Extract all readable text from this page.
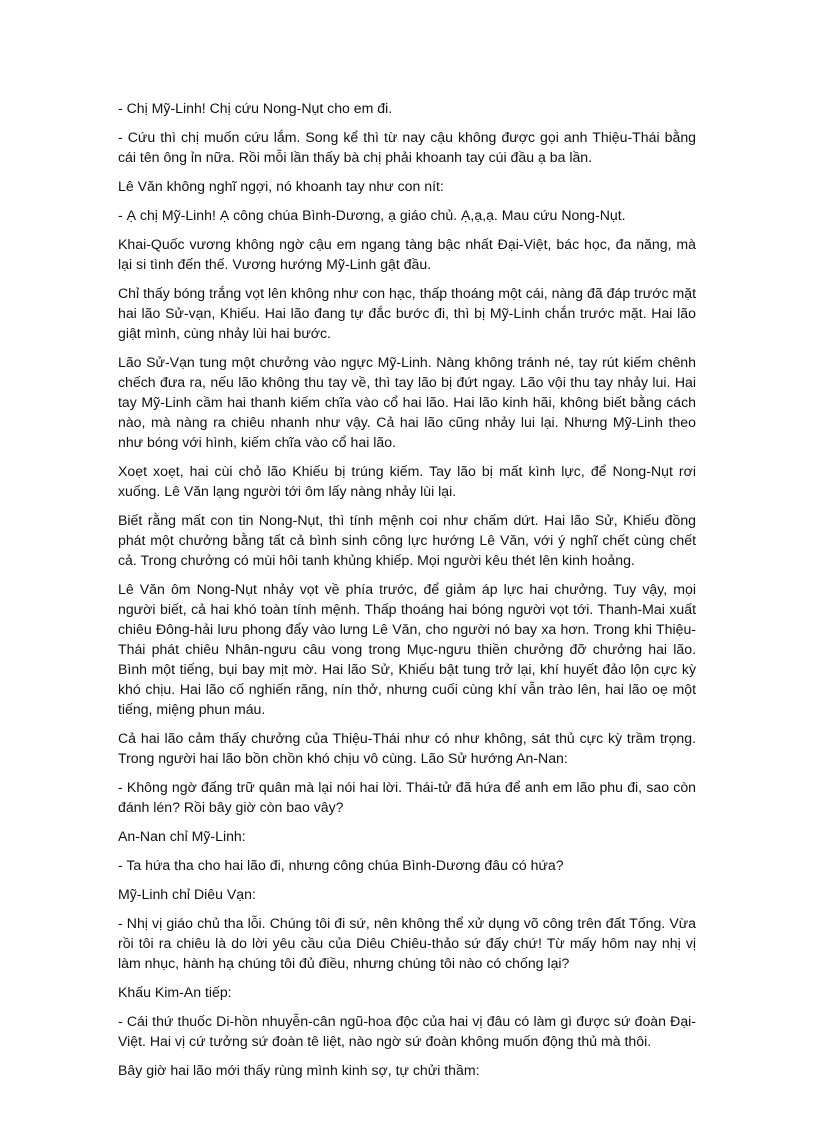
- Chị Mỹ-Linh! Chị cứu Nong-Nụt cho em đi.

- Cứu thì chị muốn cứu lắm. Song kể thì từ nay cậu không được gọi anh Thiệu-Thái bằng cái tên ông ỉn nữa. Rồi mỗi lần thấy bà chị phải khoanh tay cúi đầu ạ ba lần.

Lê Văn không nghĩ ngợi, nó khoanh tay như con nít:

- Ạ chị Mỹ-Linh! Ạ công chúa Bình-Dương, ạ giáo chủ. Ạ,ạ,ạ. Mau cứu Nong-Nụt.

Khai-Quốc vương không ngờ cậu em ngang tàng bậc nhất Đại-Việt, bác học, đa năng, mà lại si tình đến thế. Vương hướng Mỹ-Linh gật đầu.

Chỉ thấy bóng trắng vọt lên không như con hạc, thấp thoáng một cái, nàng đã đáp trước mặt hai lão Sử-vạn, Khiếu. Hai lão đang tự đắc bước đi, thì bị Mỹ-Linh chắn trước mặt. Hai lão giật mình, cùng nhảy lùi hai bước.

Lão Sử-Vạn tung một chưởng vào ngực Mỹ-Linh. Nàng không tránh né, tay rút kiếm chênh chếch đưa ra, nếu lão không thu tay về, thì tay lão bị đứt ngay. Lão vội thu tay nhảy lui. Hai tay Mỹ-Linh cầm hai thanh kiếm chĩa vào cổ hai lão. Hai lão kinh hãi, không biết bằng cách nào, mà nàng ra chiêu nhanh như vậy. Cả hai lão cũng nhảy lui lại. Nhưng Mỹ-Linh theo như bóng với hình, kiếm chĩa vào cổ hai lão.

Xoẹt xoẹt, hai cùi chỏ lão Khiếu bị trúng kiếm. Tay lão bị mất kình lực, để Nong-Nụt rơi xuống. Lê Văn lạng người tới ôm lấy nàng nhảy lùi lại.

Biết rằng mất con tin Nong-Nụt, thì tính mệnh coi như chấm dứt. Hai lão Sử, Khiếu đồng phát một chưởng bằng tất cả bình sinh công lực hướng Lê Văn, với ý nghĩ chết cùng chết cả. Trong chưởng có mùi hôi tanh khủng khiếp. Mọi người kêu thét lên kinh hoảng.

Lê Văn ôm Nong-Nụt nhảy vọt về phía trước, để giảm áp lực hai chưởng. Tuy vậy, mọi người biết, cả hai khó toàn tính mệnh. Thấp thoáng hai bóng người vọt tới. Thanh-Mai xuất chiêu Đông-hải lưu phong đẩy vào lưng Lê Văn, cho người nó bay xa hơn. Trong khi Thiệu-Thái phát chiêu Nhân-ngưu câu vong trong Mục-ngưu thiền chưởng đỡ chưởng hai lão. Bình một tiếng, bụi bay mịt mờ. Hai lão Sử, Khiếu bật tung trở lại, khí huyết đảo lộn cực kỳ khó chịu. Hai lão cố nghiến răng, nín thở, nhưng cuối cùng khí vẫn trào lên, hai lão oẹ một tiếng, miệng phun máu.

Cả hai lão cảm thấy chưởng của Thiệu-Thái như có như không, sát thủ cực kỳ trầm trọng. Trong người hai lão bồn chồn khó chịu vô cùng. Lão Sử hướng An-Nan:

- Không ngờ đấng trữ quân mà lại nói hai lời. Thái-tử đã hứa để anh em lão phu đi, sao còn đánh lén? Rồi bây giờ còn bao vây?

An-Nan chỉ Mỹ-Linh:

- Ta hứa tha cho hai lão đi, nhưng công chúa Bình-Dương đâu có hứa?

Mỹ-Linh chỉ Diêu Vạn:

- Nhị vị giáo chủ tha lỗi. Chúng tôi đi sứ, nên không thể xử dụng võ công trên đất Tống. Vừa rồi tôi ra chiêu là do lời yêu cầu của Diêu Chiêu-thảo sứ đấy chứ! Từ mấy hôm nay nhị vị làm nhục, hành hạ chúng tôi đủ điều, nhưng chúng tôi nào có chống lại?

Khấu Kim-An tiếp:

- Cái thứ thuốc Di-hồn nhuyễn-cân ngũ-hoa độc của hai vị đâu có làm gì được sứ đoàn Đại-Việt. Hai vị cứ tưởng sứ đoàn tê liệt, nào ngờ sứ đoàn không muốn động thủ mà thôi.

Bây giờ hai lão mới thấy rùng mình kinh sợ, tự chửi thầm:
